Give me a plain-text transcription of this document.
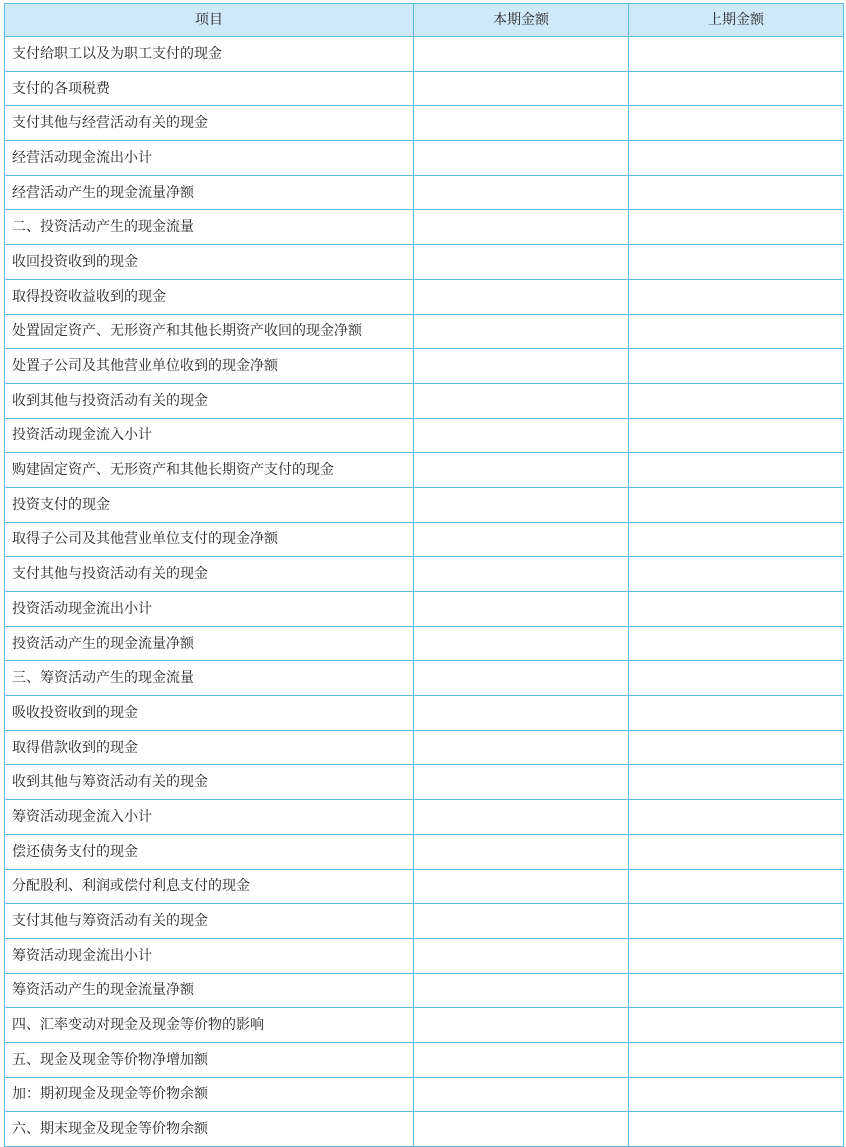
项目	本期金额	上期金额
支付给职工以及为职工支付的现金		
支付的各项税费		
支付其他与经营活动有关的现金		
经营活动现金流出小计		
经营活动产生的现金流量净额		
二、投资活动产生的现金流量		
收回投资收到的现金		
取得投资收益收到的现金		
处置固定资产、无形资产和其他长期资产收回的现金净额		
处置子公司及其他营业单位收到的现金净额		
收到其他与投资活动有关的现金		
投资活动现金流入小计		
购建固定资产、无形资产和其他长期资产支付的现金		
投资支付的现金		
取得子公司及其他营业单位支付的现金净额		
支付其他与投资活动有关的现金		
投资活动现金流出小计		
投资活动产生的现金流量净额		
三、筹资活动产生的现金流量		
吸收投资收到的现金		
取得借款收到的现金		
收到其他与筹资活动有关的现金		
筹资活动现金流入小计		
偿还债务支付的现金		
分配股利、利润或偿付利息支付的现金		
支付其他与筹资活动有关的现金		
筹资活动现金流出小计		
筹资活动产生的现金流量净额		
四、汇率变动对现金及现金等价物的影响		
五、现金及现金等价物净增加额		
加：期初现金及现金等价物余额		
六、期末现金及现金等价物余额		
